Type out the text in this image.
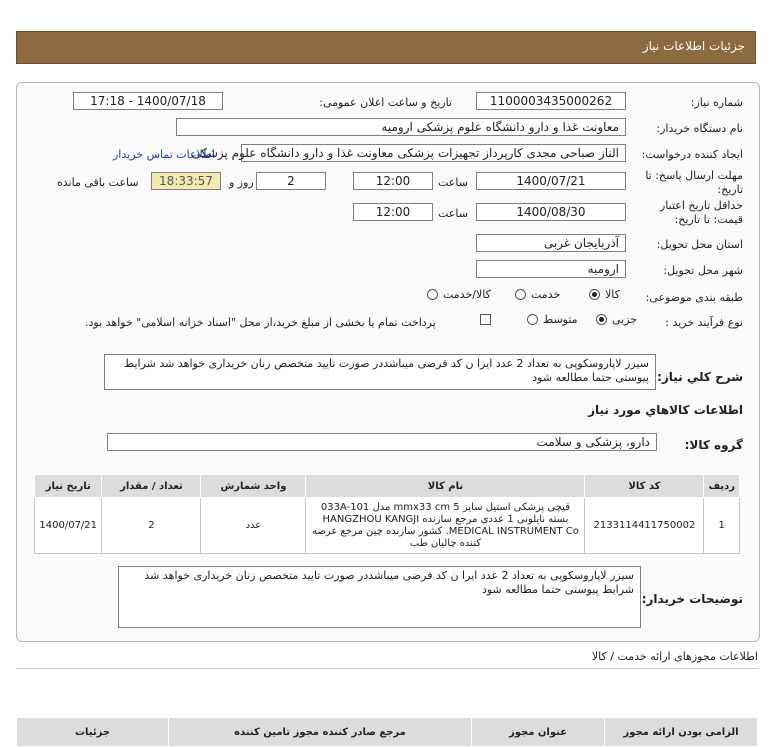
جزئیات اطلاعات نیاز
شماره نیاز:
1100003435000262
تاریخ و ساعت اعلان عمومی:
1400/07/18 - 17:18
نام دستگاه خریدار:
معاونت غذا و دارو دانشگاه علوم پزشکی ارومیه
ایجاد کننده درخواست:
الناز صباحی مجدی کارپرداز تجهیزات پزشکی معاونت غذا و دارو دانشگاه علوم پزشکی
اطلاعات تماس خریدار
مهلت ارسال پاسخ: تا
تاریخ:
1400/07/21
ساعت
12:00
2
روز و
18:33:57
ساعت باقی مانده
حداقل تاریخ اعتبار
قیمت: تا تاریخ:
1400/08/30
ساعت
12:00
استان محل تحویل:
آذربایجان غربی
شهر محل تحویل:
ارومیه
طبقه بندی موضوعی:
کالا
خدمت
کالا/خدمت
نوع فرآیند خرید :
جزیی
متوسط
پرداخت تمام یا بخشی از مبلغ خرید،از محل "اسناد خزانه اسلامی" خواهد بود.
شرح کلي نياز:
سیزر لاپاروسکوپی به تعداد 2 عدد ایرا ن کد فرضی میباشددر صورت تایید متخصص زنان خریداری خواهد شد شرایط پیوستی حتما مطالعه شود
اطلاعات کالاهاي مورد نياز
گروه کالا:
دارو، پزشکی و سلامت
ردیف	کد کالا	نام کالا	واحد شمارش	تعداد / مقدار	تاریخ نیاز
1	2133114411750002	قیچی پزشکی استیل سایز 5 mmx33 cm مدل 033A-101 بسته نایلونی 1 عددی مرجع سازنده HANGZHOU KANGJI MEDICAL INSTRUMENT Co. کشور سازنده چین مرجع عرضه کننده چالیان طب	عدد	2	1400/07/21
توضیحات خریدار:
سیزر لاپاروسکوپی به تعداد 2 عدد ایرا ن کد فرضی میباشددر صورت تایید متخصص زنان خریداری خواهد شد شرایط پیوستی حتما مطالعه شود
اطلاعات مجوزهای ارائه خدمت / کالا
الزامی بودن ارائه مجوز	عنوان مجوز	مرجع صادر کننده مجوز تامین کننده	جزئیات
